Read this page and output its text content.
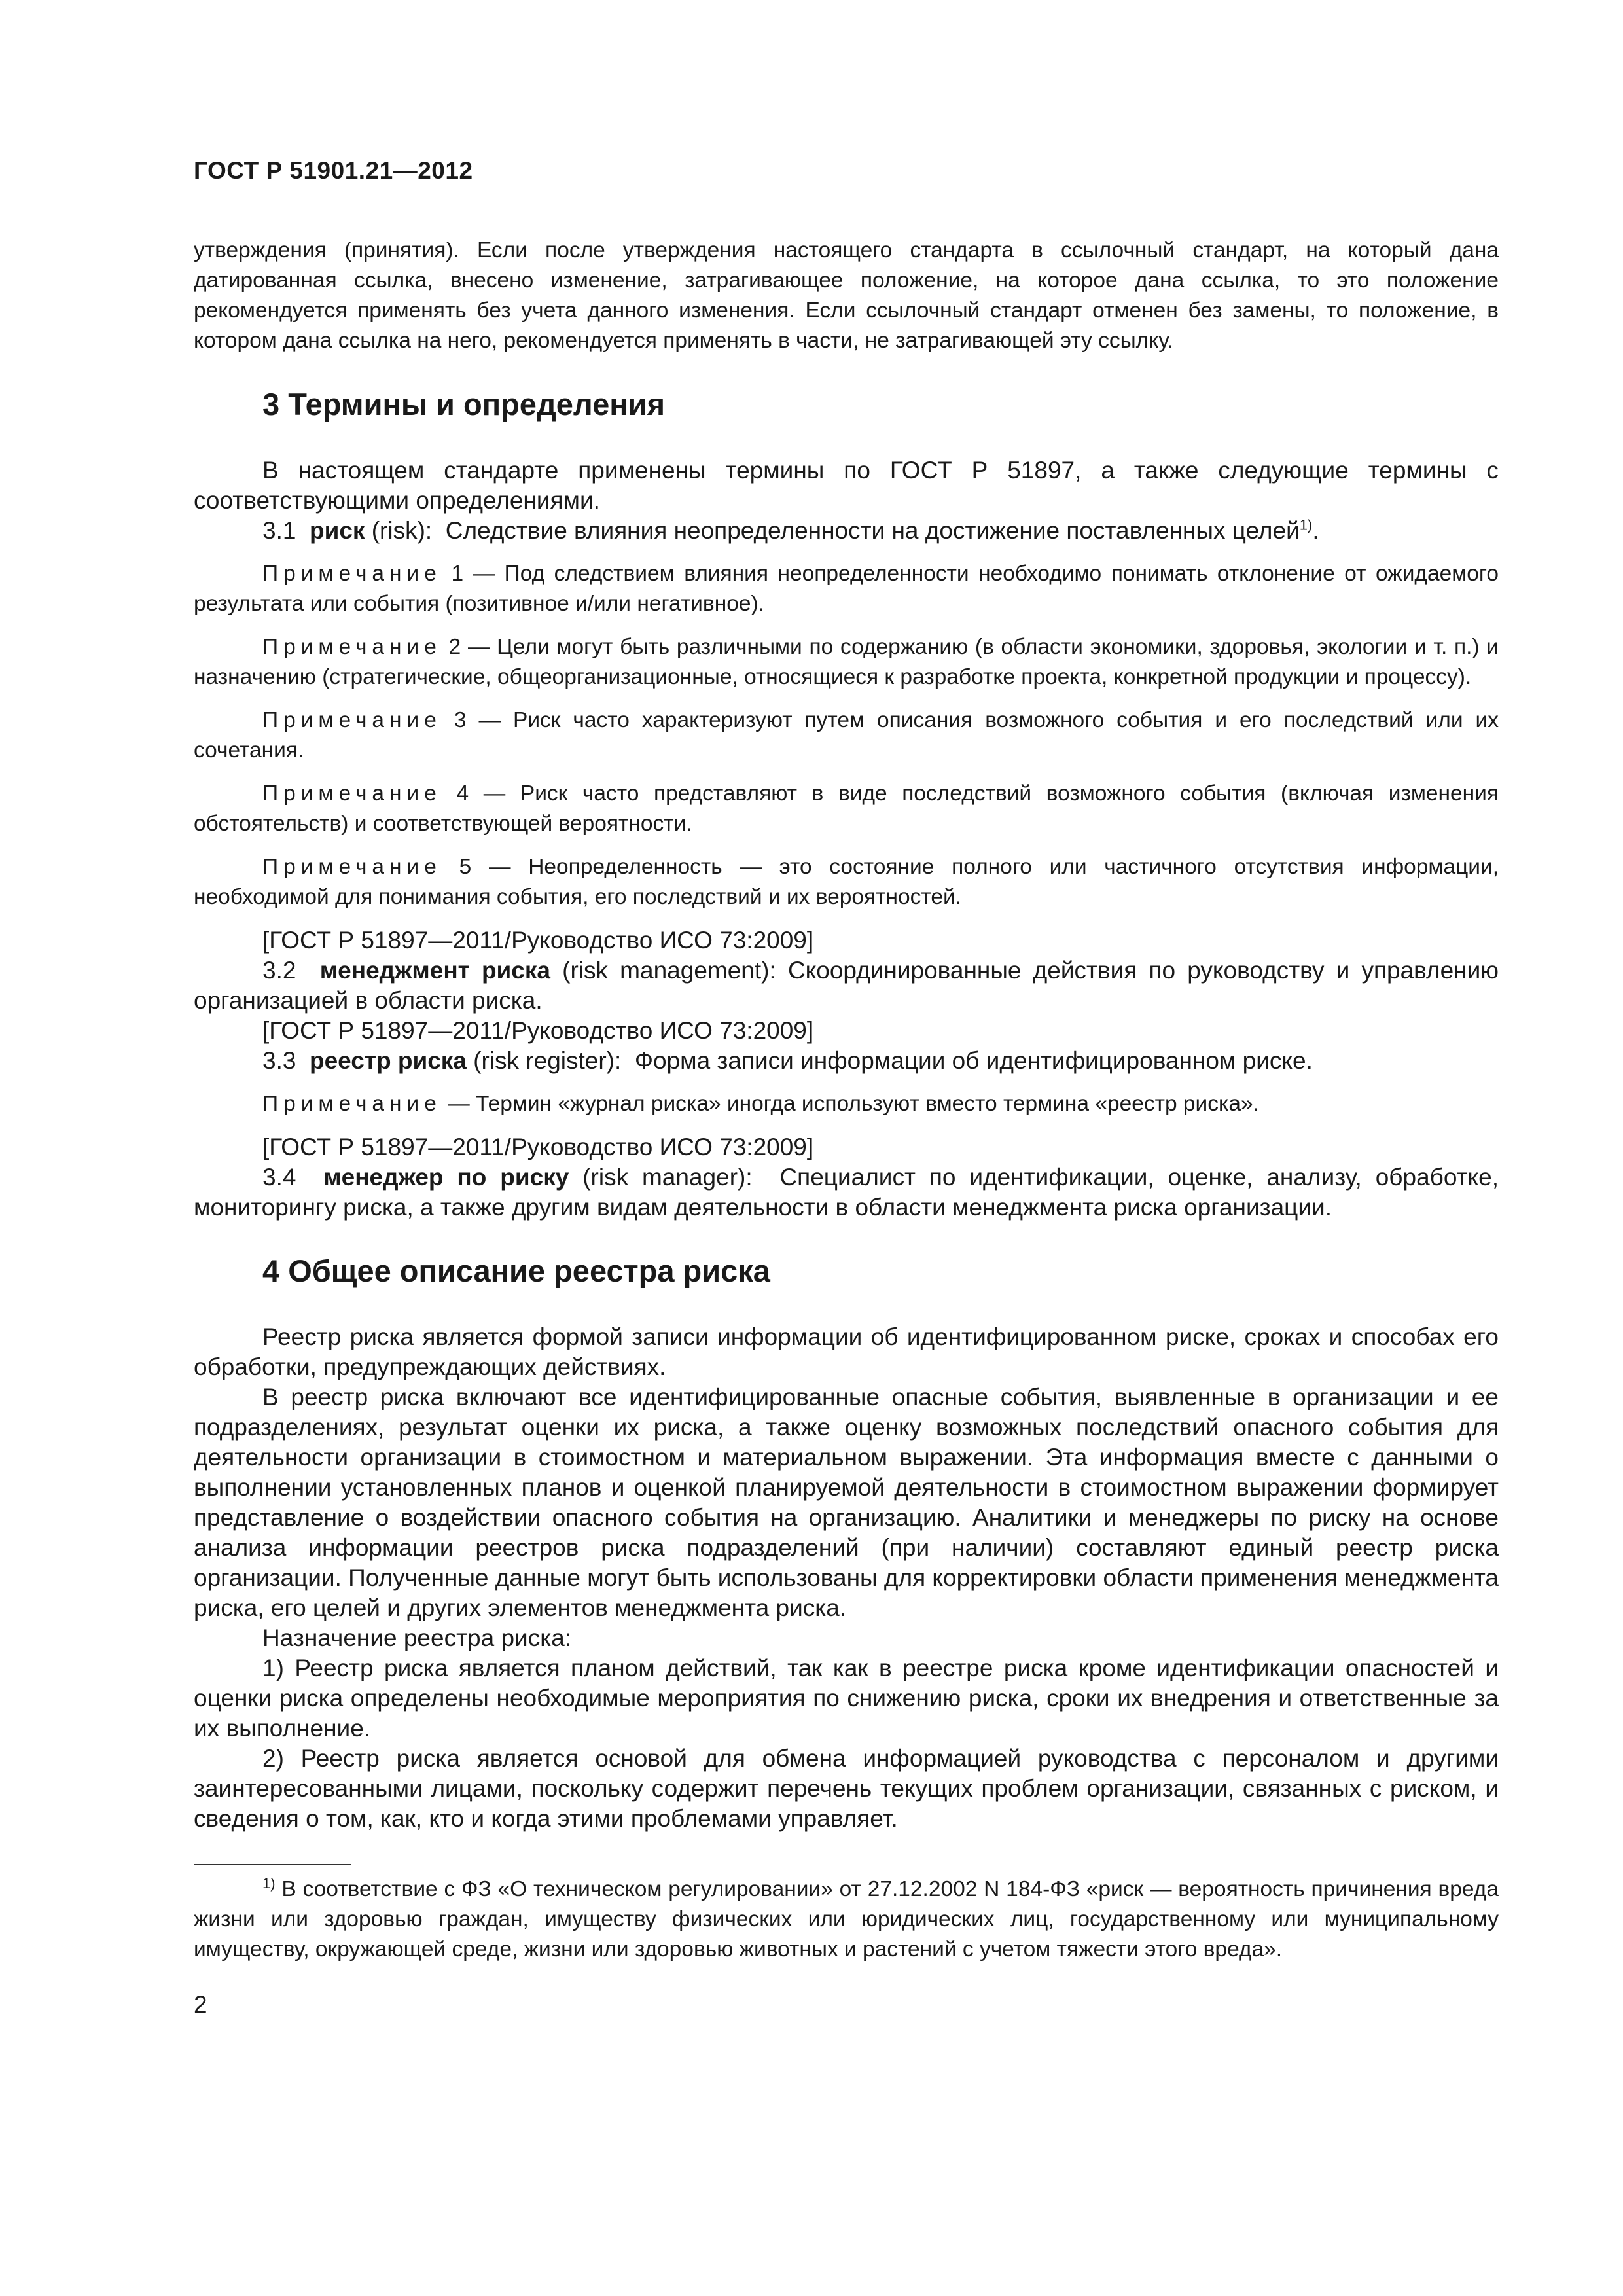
ГОСТ Р 51901.21—2012

утверждения (принятия). Если после утверждения настоящего стандарта в ссылочный стандарт, на который дана датированная ссылка, внесено изменение, затрагивающее положение, на которое дана ссылка, то это положение рекомендуется применять без учета данного изменения. Если ссылочный стандарт отменен без замены, то положение, в котором дана ссылка на него, рекомендуется применять в части, не затрагивающей эту ссылку.

3 Термины и определения

В настоящем стандарте применены термины по ГОСТ Р 51897, а также следующие термины с соответствующими определениями.

3.1 риск (risk): Следствие влияния неопределенности на достижение поставленных целей$^{1)}$.

Примечание 1 — Под следствием влияния неопределенности необходимо понимать отклонение от ожидаемого результата или события (позитивное и/или негативное).

Примечание 2 — Цели могут быть различными по содержанию (в области экономики, здоровья, экологии и т. п.) и назначению (стратегические, общеорганизационные, относящиеся к разработке проекта, конкретной продукции и процессу).

Примечание 3 — Риск часто характеризуют путем описания возможного события и его последствий или их сочетания.

Примечание 4 — Риск часто представляют в виде последствий возможного события (включая изменения обстоятельств) и соответствующей вероятности.

Примечание 5 — Неопределенность — это состояние полного или частичного отсутствия информации, необходимой для понимания события, его последствий и их вероятностей.

[ГОСТ Р 51897—2011/Руководство ИСО 73:2009]

3.2 менеджмент риска (risk management): Скоординированные действия по руководству и управлению организацией в области риска.

[ГОСТ Р 51897—2011/Руководство ИСО 73:2009]

3.3 реестр риска (risk register): Форма записи информации об идентифицированном риске.

Примечание — Термин «журнал риска» иногда используют вместо термина «реестр риска».

[ГОСТ Р 51897—2011/Руководство ИСО 73:2009]

3.4 менеджер по риску (risk manager): Специалист по идентификации, оценке, анализу, обработке, мониторингу риска, а также другим видам деятельности в области менеджмента риска организации.

4 Общее описание реестра риска

Реестр риска является формой записи информации об идентифицированном риске, сроках и способах его обработки, предупреждающих действиях.

В реестр риска включают все идентифицированные опасные события, выявленные в организации и ее подразделениях, результат оценки их риска, а также оценку возможных последствий опасного события для деятельности организации в стоимостном и материальном выражении. Эта информация вместе с данными о выполнении установленных планов и оценкой планируемой деятельности в стоимостном выражении формирует представление о воздействии опасного события на организацию. Аналитики и менеджеры по риску на основе анализа информации реестров риска подразделений (при наличии) составляют единый реестр риска организации. Полученные данные могут быть использованы для корректировки области применения менеджмента риска, его целей и других элементов менеджмента риска.

Назначение реестра риска:

1) Реестр риска является планом действий, так как в реестре риска кроме идентификации опасностей и оценки риска определены необходимые мероприятия по снижению риска, сроки их внедрения и ответственные за их выполнение.

2) Реестр риска является основой для обмена информацией руководства с персоналом и другими заинтересованными лицами, поскольку содержит перечень текущих проблем организации, связанных с риском, и сведения о том, как, кто и когда этими проблемами управляет.

$^{1)}$ В соответствие с ФЗ «О техническом регулировании» от 27.12.2002 N 184-ФЗ «риск — вероятность причинения вреда жизни или здоровью граждан, имуществу физических или юридических лиц, государственному или муниципальному имуществу, окружающей среде, жизни или здоровью животных и растений с учетом тяжести этого вреда».

2
